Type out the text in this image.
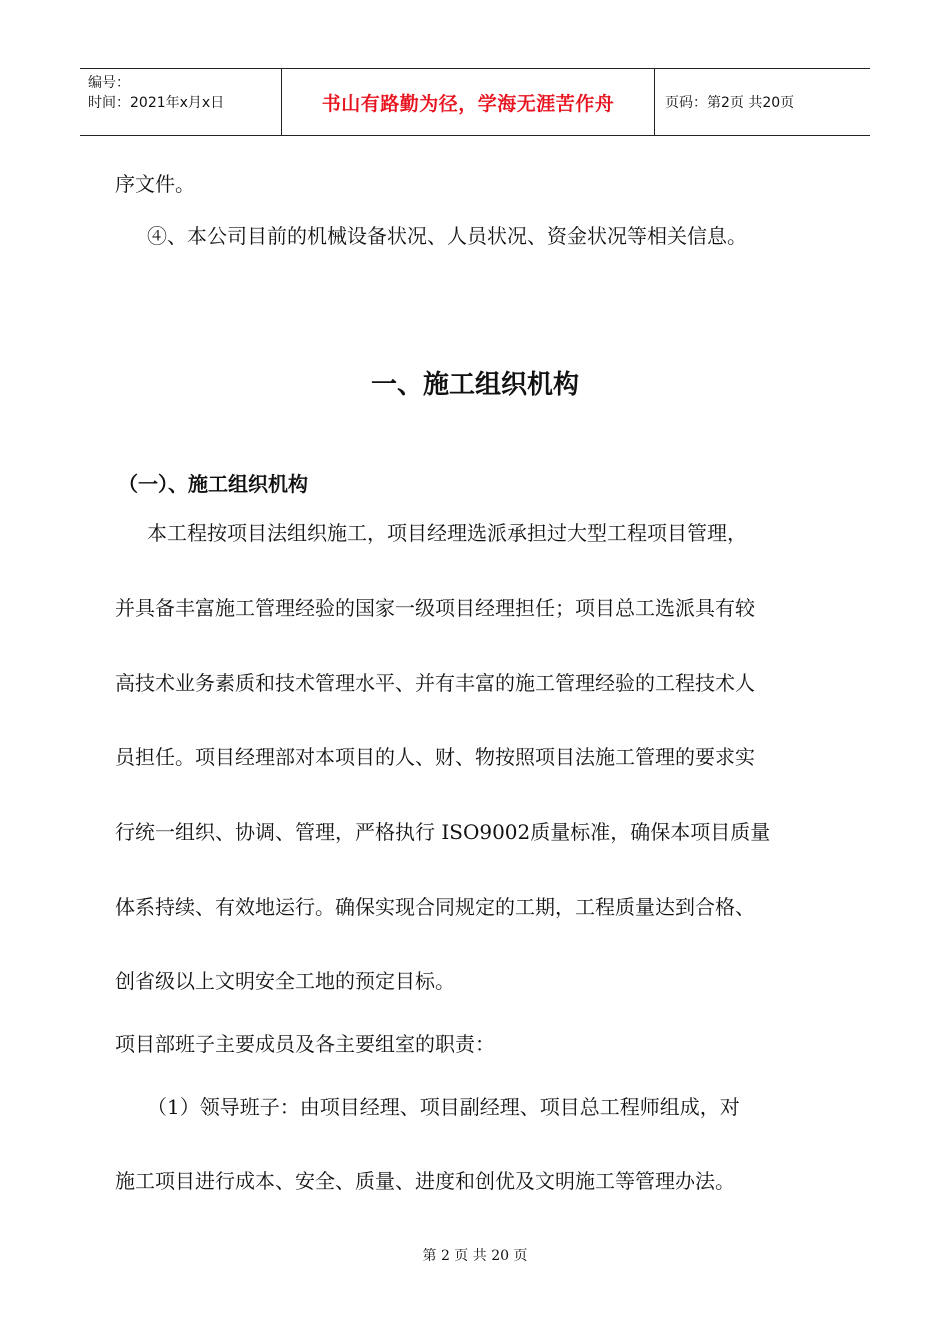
编号：
时间：2021年x月x日	书山有路勤为径，学海无涯苦作舟	页码：第2页 共20页
序文件。
④、本公司目前的机械设备状况、人员状况、资金状况等相关信息。
一、施工组织机构
（一）、施工组织机构
本工程按项目法组织施工，项目经理选派承担过大型工程项目管理，
并具备丰富施工管理经验的国家一级项目经理担任；项目总工选派具有较
高技术业务素质和技术管理水平、并有丰富的施工管理经验的工程技术人
员担任。项目经理部对本项目的人、财、物按照项目法施工管理的要求实
行统一组织、协调、管理，严格执行 ISO9002质量标准，确保本项目质量
体系持续、有效地运行。确保实现合同规定的工期，工程质量达到合格、
创省级以上文明安全工地的预定目标。
项目部班子主要成员及各主要组室的职责：
（1）领导班子：由项目经理、项目副经理、项目总工程师组成，对
施工项目进行成本、安全、质量、进度和创优及文明施工等管理办法。
第 2 页 共 20 页
